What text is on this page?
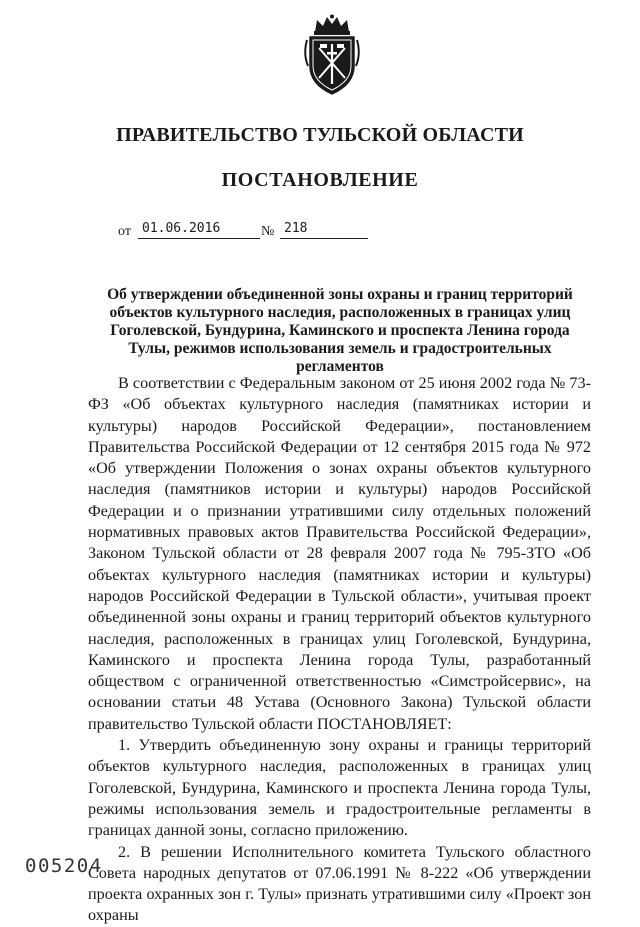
ПРАВИТЕЛЬСТВО ТУЛЬСКОЙ ОБЛАСТИ
ПОСТАНОВЛЕНИЕ
от 01.06.2016	№ 218
Об утверждении объединенной зоны охраны и границ территорий объектов культурного наследия, расположенных в границах улиц Гоголевской, Бундурина, Каминского и проспекта Ленина города Тулы, режимов использования земель и градостроительных регламентов

В соответствии с Федеральным законом от 25 июня 2002 года № 73-ФЗ «Об объектах культурного наследия (памятниках истории и культуры) народов Российской Федерации», постановлением Правительства Российской Федерации от 12 сентября 2015 года № 972 «Об утверждении Положения о зонах охраны объектов культурного наследия (памятников истории и культуры) народов Российской Федерации и о признании утратившими силу отдельных положений нормативных правовых актов Правительства Российской Федерации», Законом Тульской области от 28 февраля 2007 года № 795-ЗТО «Об объектах культурного наследия (памятниках истории и культуры) народов Российской Федерации в Тульской области», учитывая проект объединенной зоны охраны и границ территорий объектов культурного наследия, расположенных в границах улиц Гоголевской, Бундурина, Каминского и проспекта Ленина города Тулы, разработанный обществом с ограниченной ответственностью «Симстройсервис», на основании статьи 48 Устава (Основного Закона) Тульской области правительство Тульской области ПОСТАНОВЛЯЕТ:

1. Утвердить объединенную зону охраны и границы территорий объектов культурного наследия, расположенных в границах улиц Гоголевской, Бундурина, Каминского и проспекта Ленина города Тулы, режимы использования земель и градостроительные регламенты в границах данной зоны, согласно приложению.

2. В решении Исполнительного комитета Тульского областного Совета народных депутатов от 07.06.1991 № 8-222 «Об утверждении проекта охранных зон г. Тулы» признать утратившими силу «Проект зон охраны

005204
